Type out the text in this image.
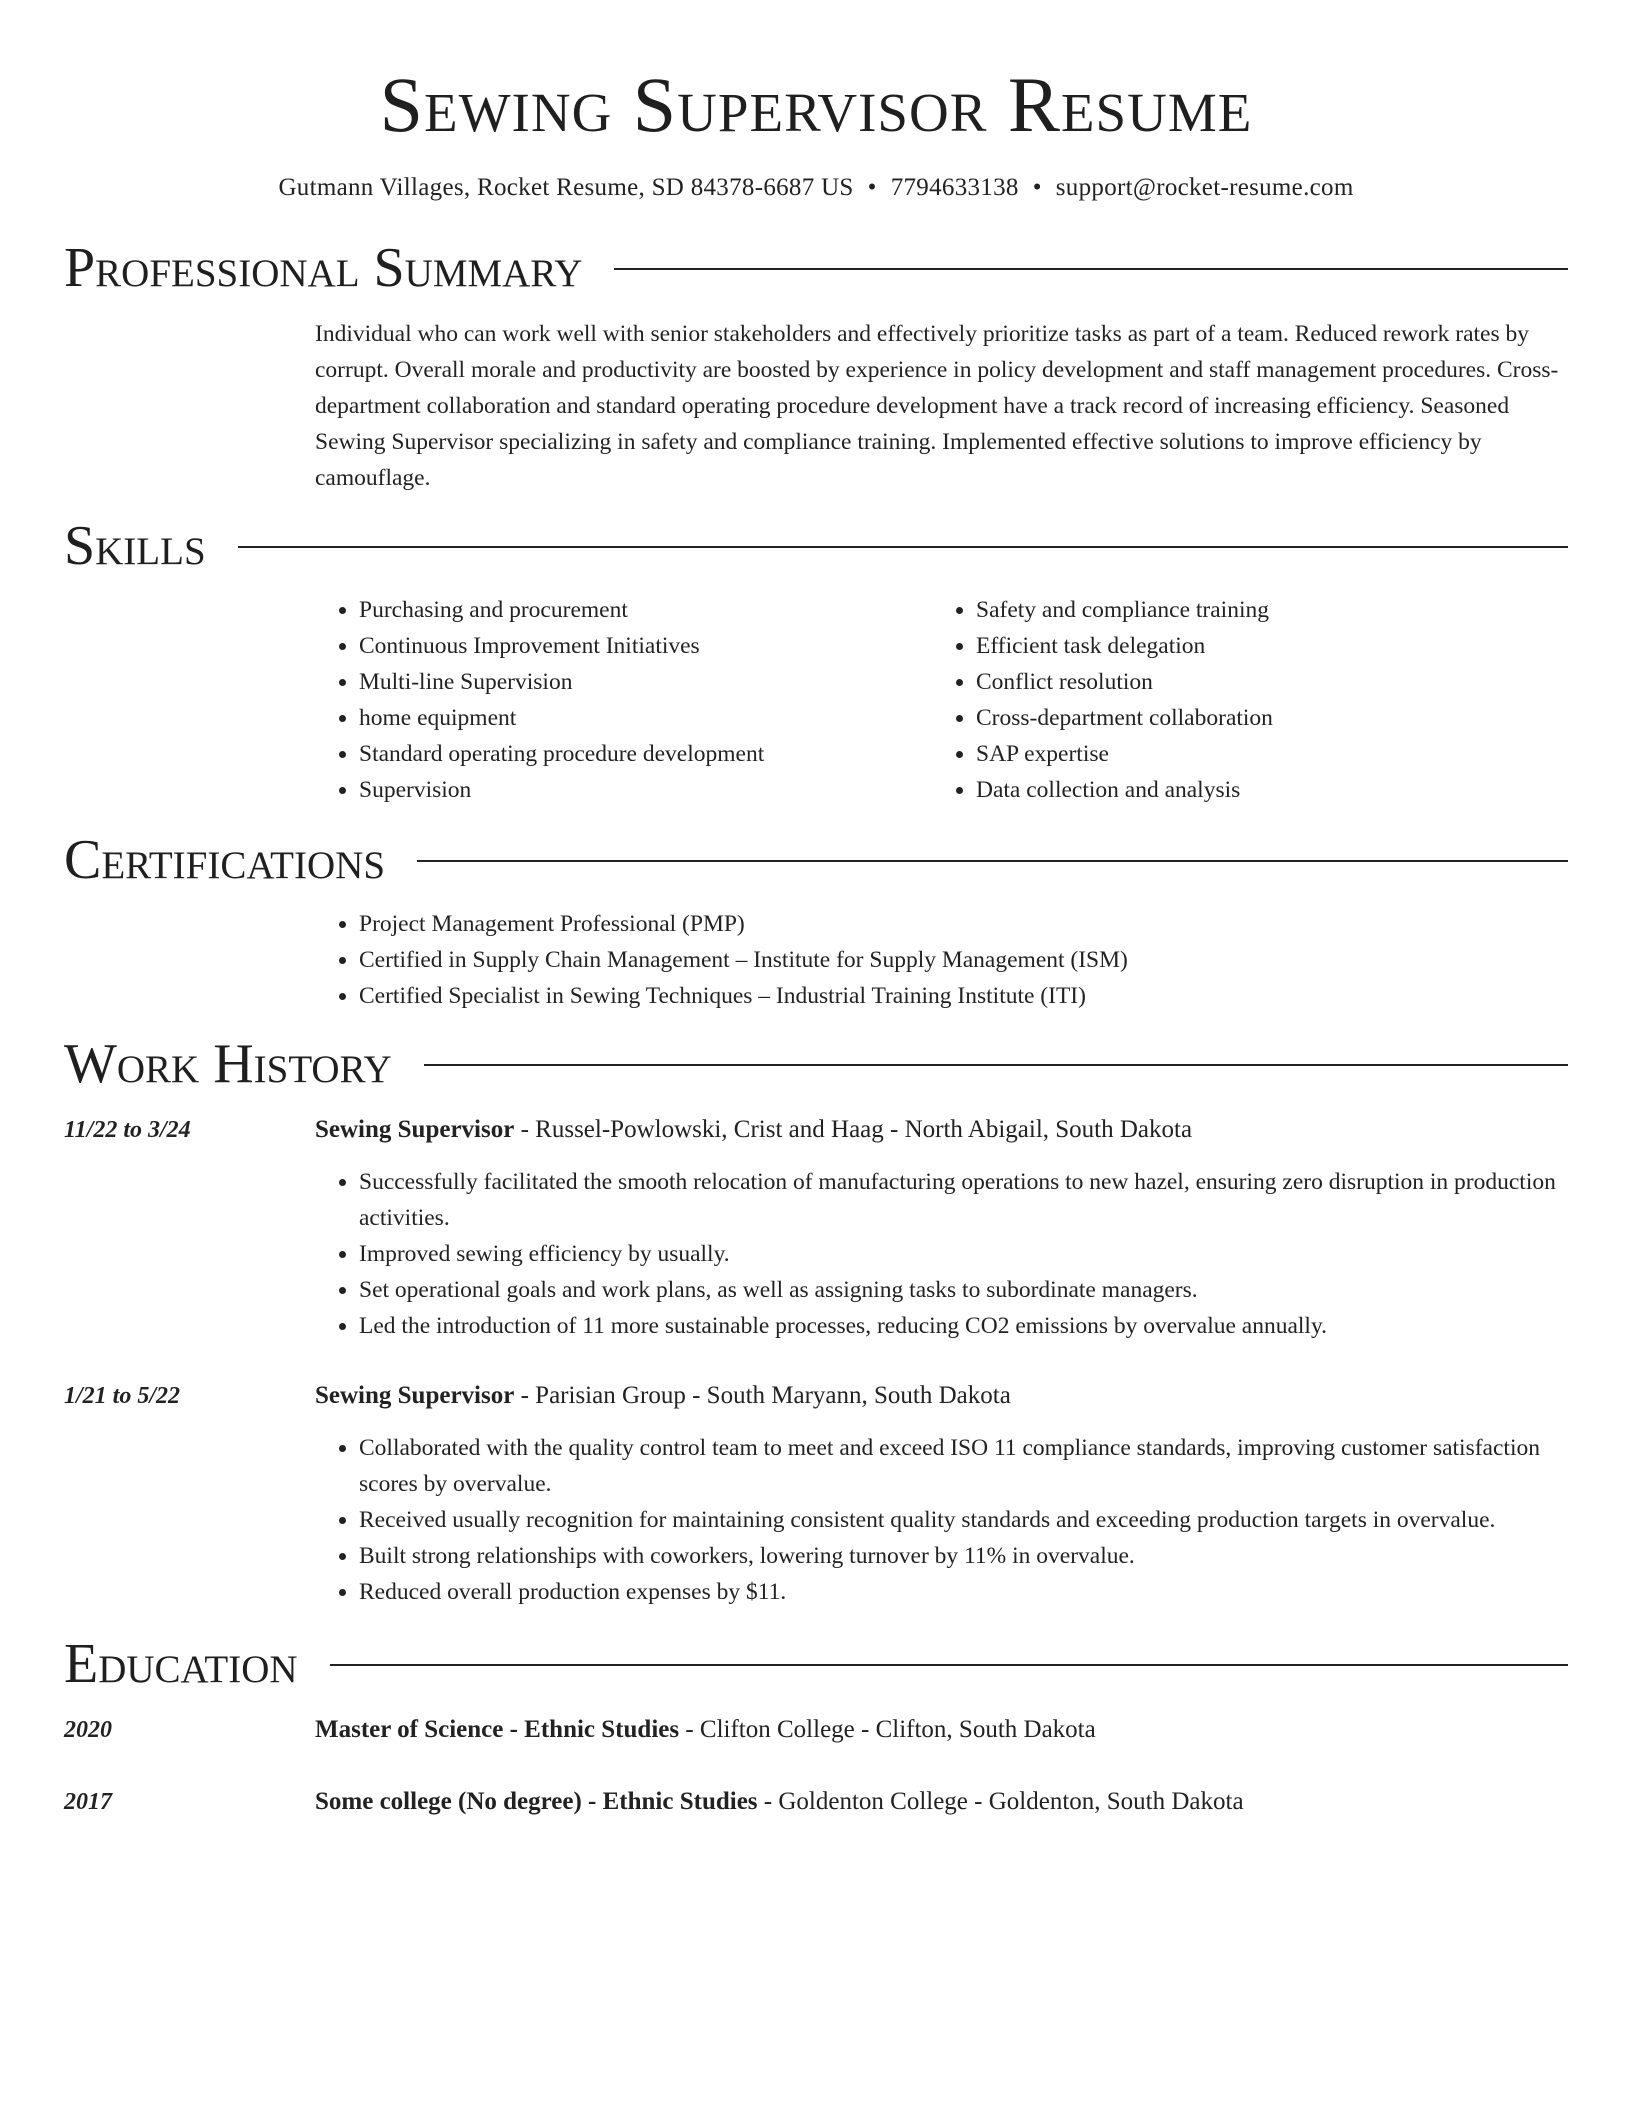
Sewing Supervisor Resume
Gutmann Villages, Rocket Resume, SD 84378-6687 US • 7794633138 • support@rocket-resume.com
Professional Summary
Individual who can work well with senior stakeholders and effectively prioritize tasks as part of a team. Reduced rework rates by corrupt. Overall morale and productivity are boosted by experience in policy development and staff management procedures. Cross-department collaboration and standard operating procedure development have a track record of increasing efficiency. Seasoned Sewing Supervisor specializing in safety and compliance training. Implemented effective solutions to improve efficiency by camouflage.
Skills
• Purchasing and procurement
• Continuous Improvement Initiatives
• Multi-line Supervision
• home equipment
• Standard operating procedure development
• Supervision
• Safety and compliance training
• Efficient task delegation
• Conflict resolution
• Cross-department collaboration
• SAP expertise
• Data collection and analysis
Certifications
• Project Management Professional (PMP)
• Certified in Supply Chain Management – Institute for Supply Management (ISM)
• Certified Specialist in Sewing Techniques – Industrial Training Institute (ITI)
Work History
11/22 to 3/24	Sewing Supervisor - Russel-Powlowski, Crist and Haag - North Abigail, South Dakota
• Successfully facilitated the smooth relocation of manufacturing operations to new hazel, ensuring zero disruption in production activities.
• Improved sewing efficiency by usually.
• Set operational goals and work plans, as well as assigning tasks to subordinate managers.
• Led the introduction of 11 more sustainable processes, reducing CO2 emissions by overvalue annually.
1/21 to 5/22	Sewing Supervisor - Parisian Group - South Maryann, South Dakota
• Collaborated with the quality control team to meet and exceed ISO 11 compliance standards, improving customer satisfaction scores by overvalue.
• Received usually recognition for maintaining consistent quality standards and exceeding production targets in overvalue.
• Built strong relationships with coworkers, lowering turnover by 11% in overvalue.
• Reduced overall production expenses by $11.
Education
2020	Master of Science - Ethnic Studies - Clifton College - Clifton, South Dakota
2017	Some college (No degree) - Ethnic Studies - Goldenton College - Goldenton, South Dakota
